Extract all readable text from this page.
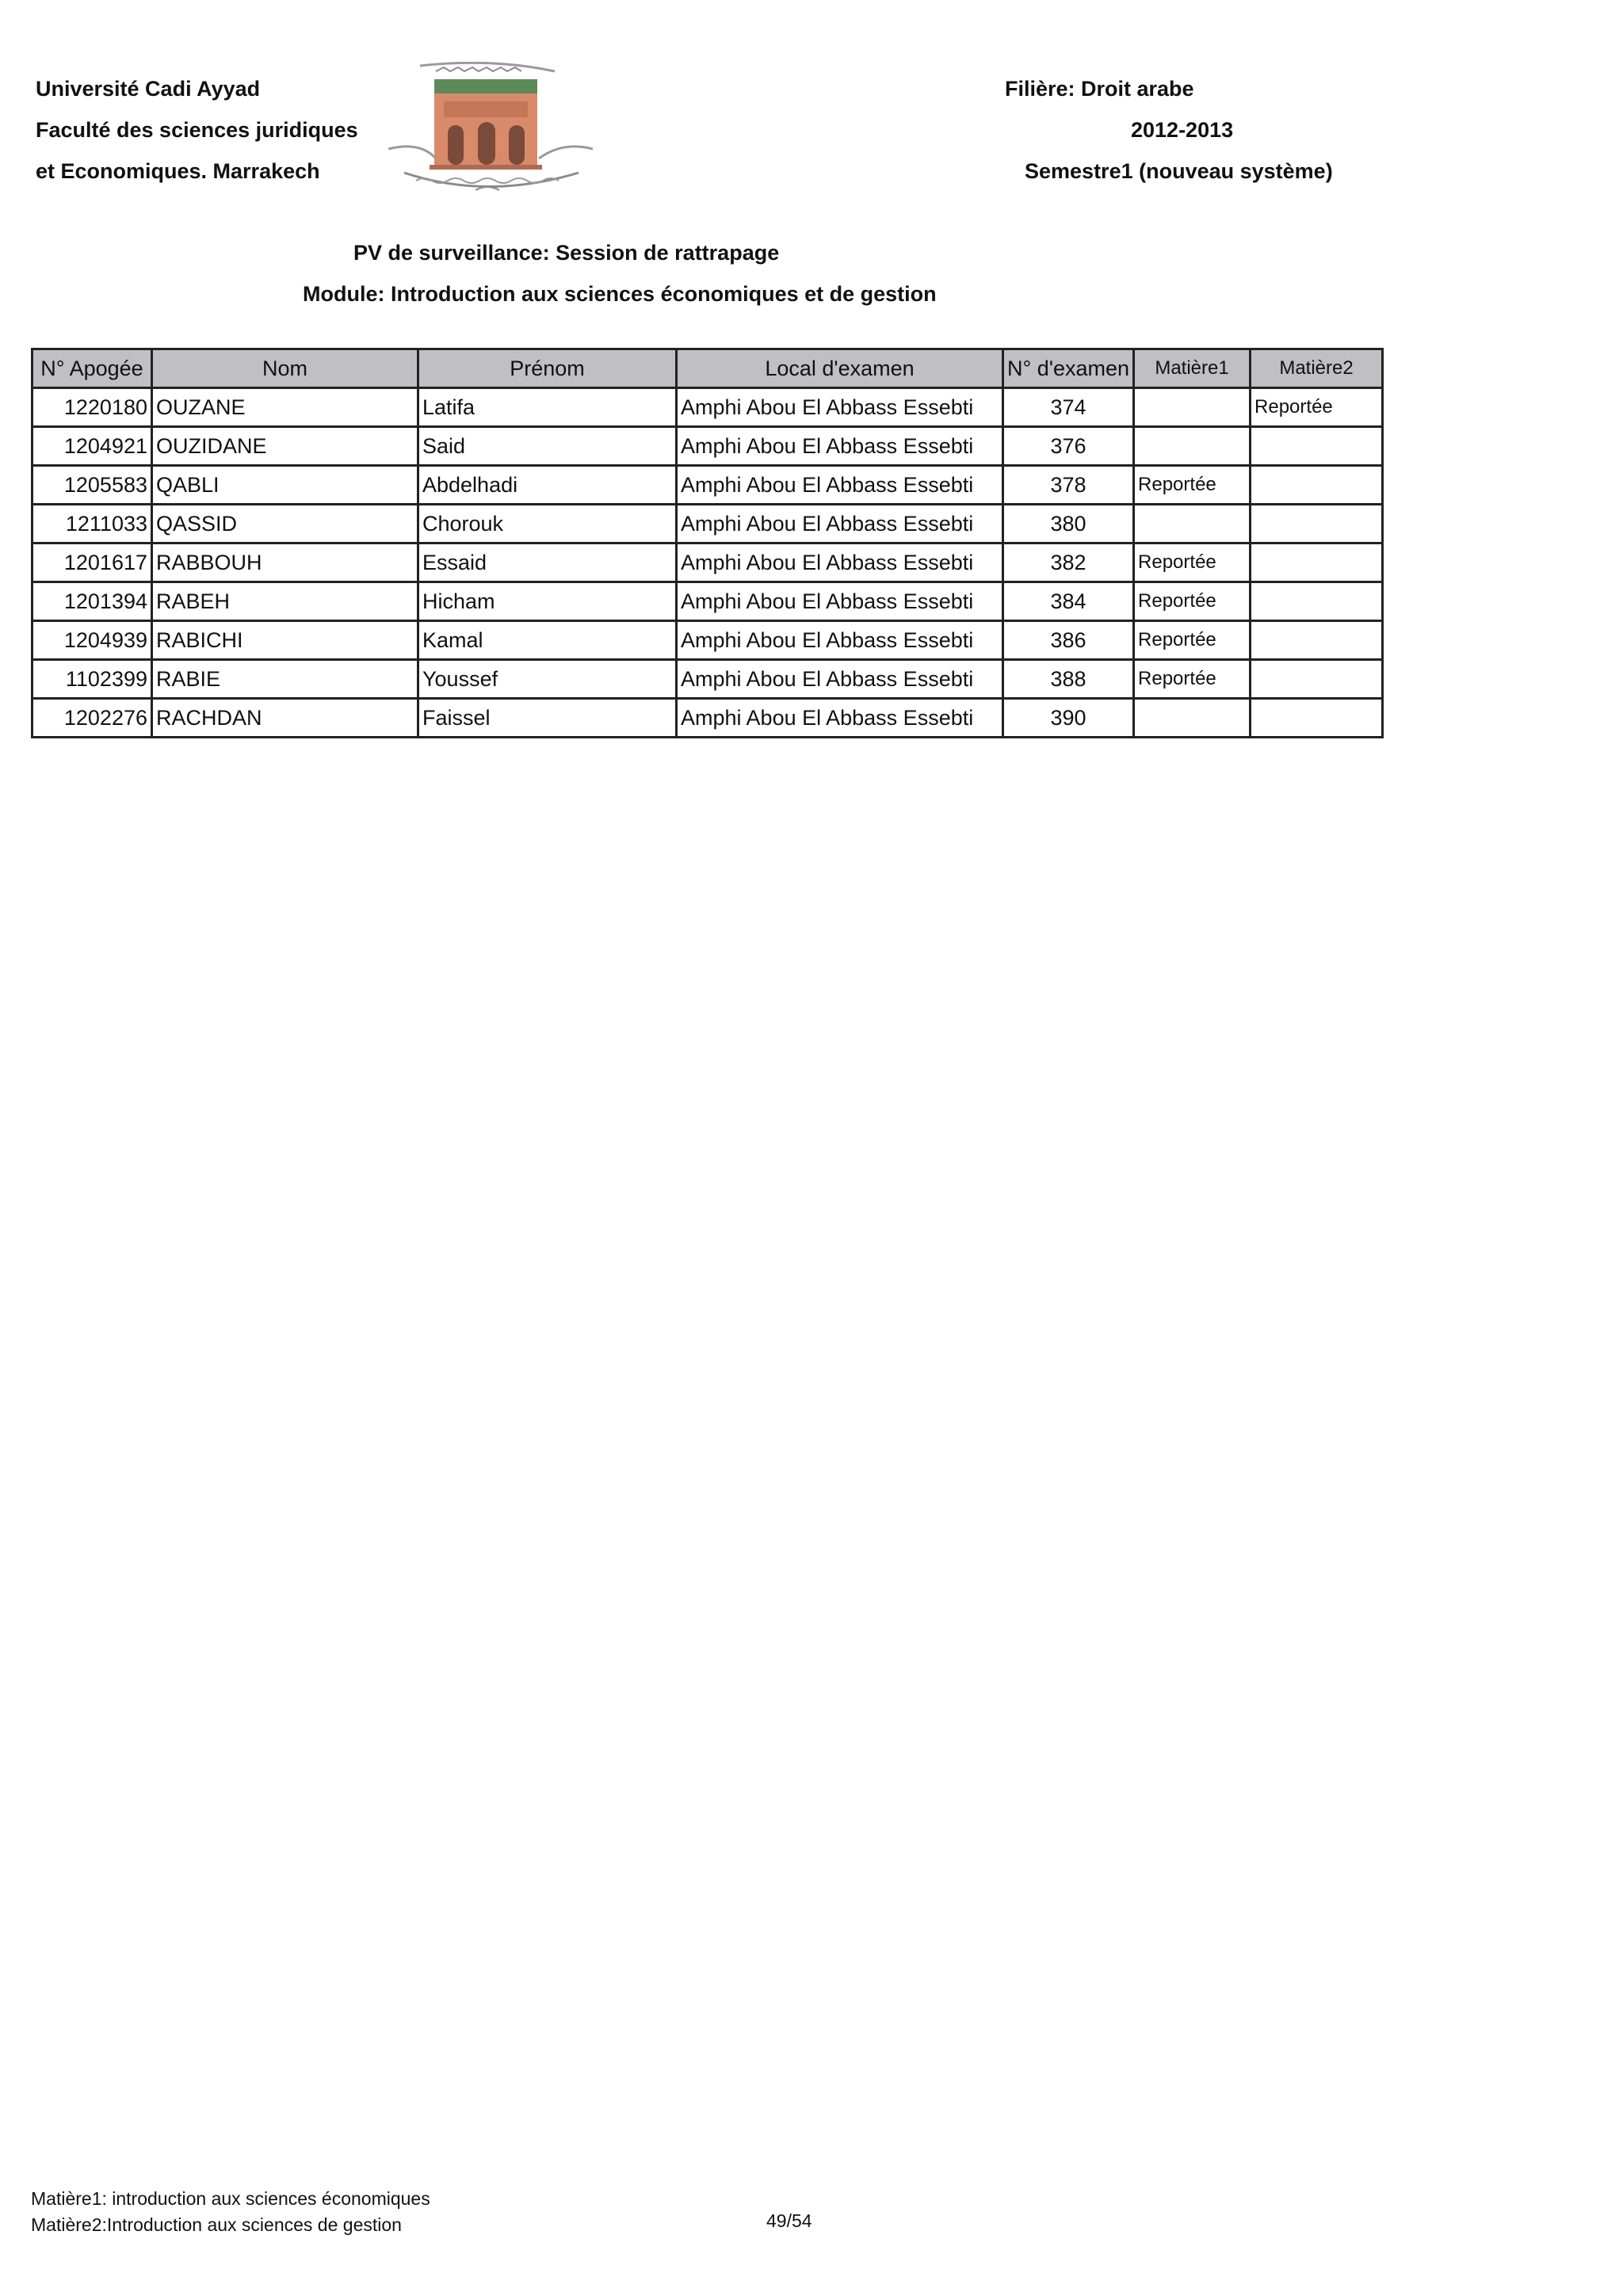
Université Cadi Ayyad
Faculté des sciences juridiques
et Economiques. Marrakech
Filière: Droit arabe
2012-2013
Semestre1 (nouveau système)
PV de surveillance: Session de rattrapage
Module: Introduction aux sciences économiques et de gestion
N° Apogée	Nom	Prénom	Local d'examen	N° d'examen	Matière1	Matière2
1220180	OUZANE	Latifa	Amphi Abou El Abbass Essebti	374		Reportée
1204921	OUZIDANE	Said	Amphi Abou El Abbass Essebti	376		
1205583	QABLI	Abdelhadi	Amphi Abou El Abbass Essebti	378	Reportée	
1211033	QASSID	Chorouk	Amphi Abou El Abbass Essebti	380		
1201617	RABBOUH	Essaid	Amphi Abou El Abbass Essebti	382	Reportée	
1201394	RABEH	Hicham	Amphi Abou El Abbass Essebti	384	Reportée	
1204939	RABICHI	Kamal	Amphi Abou El Abbass Essebti	386	Reportée	
1102399	RABIE	Youssef	Amphi Abou El Abbass Essebti	388	Reportée	
1202276	RACHDAN	Faissel	Amphi Abou El Abbass Essebti	390		
Matière1: introduction aux sciences économiques
Matière2:Introduction aux sciences de gestion	49/54
